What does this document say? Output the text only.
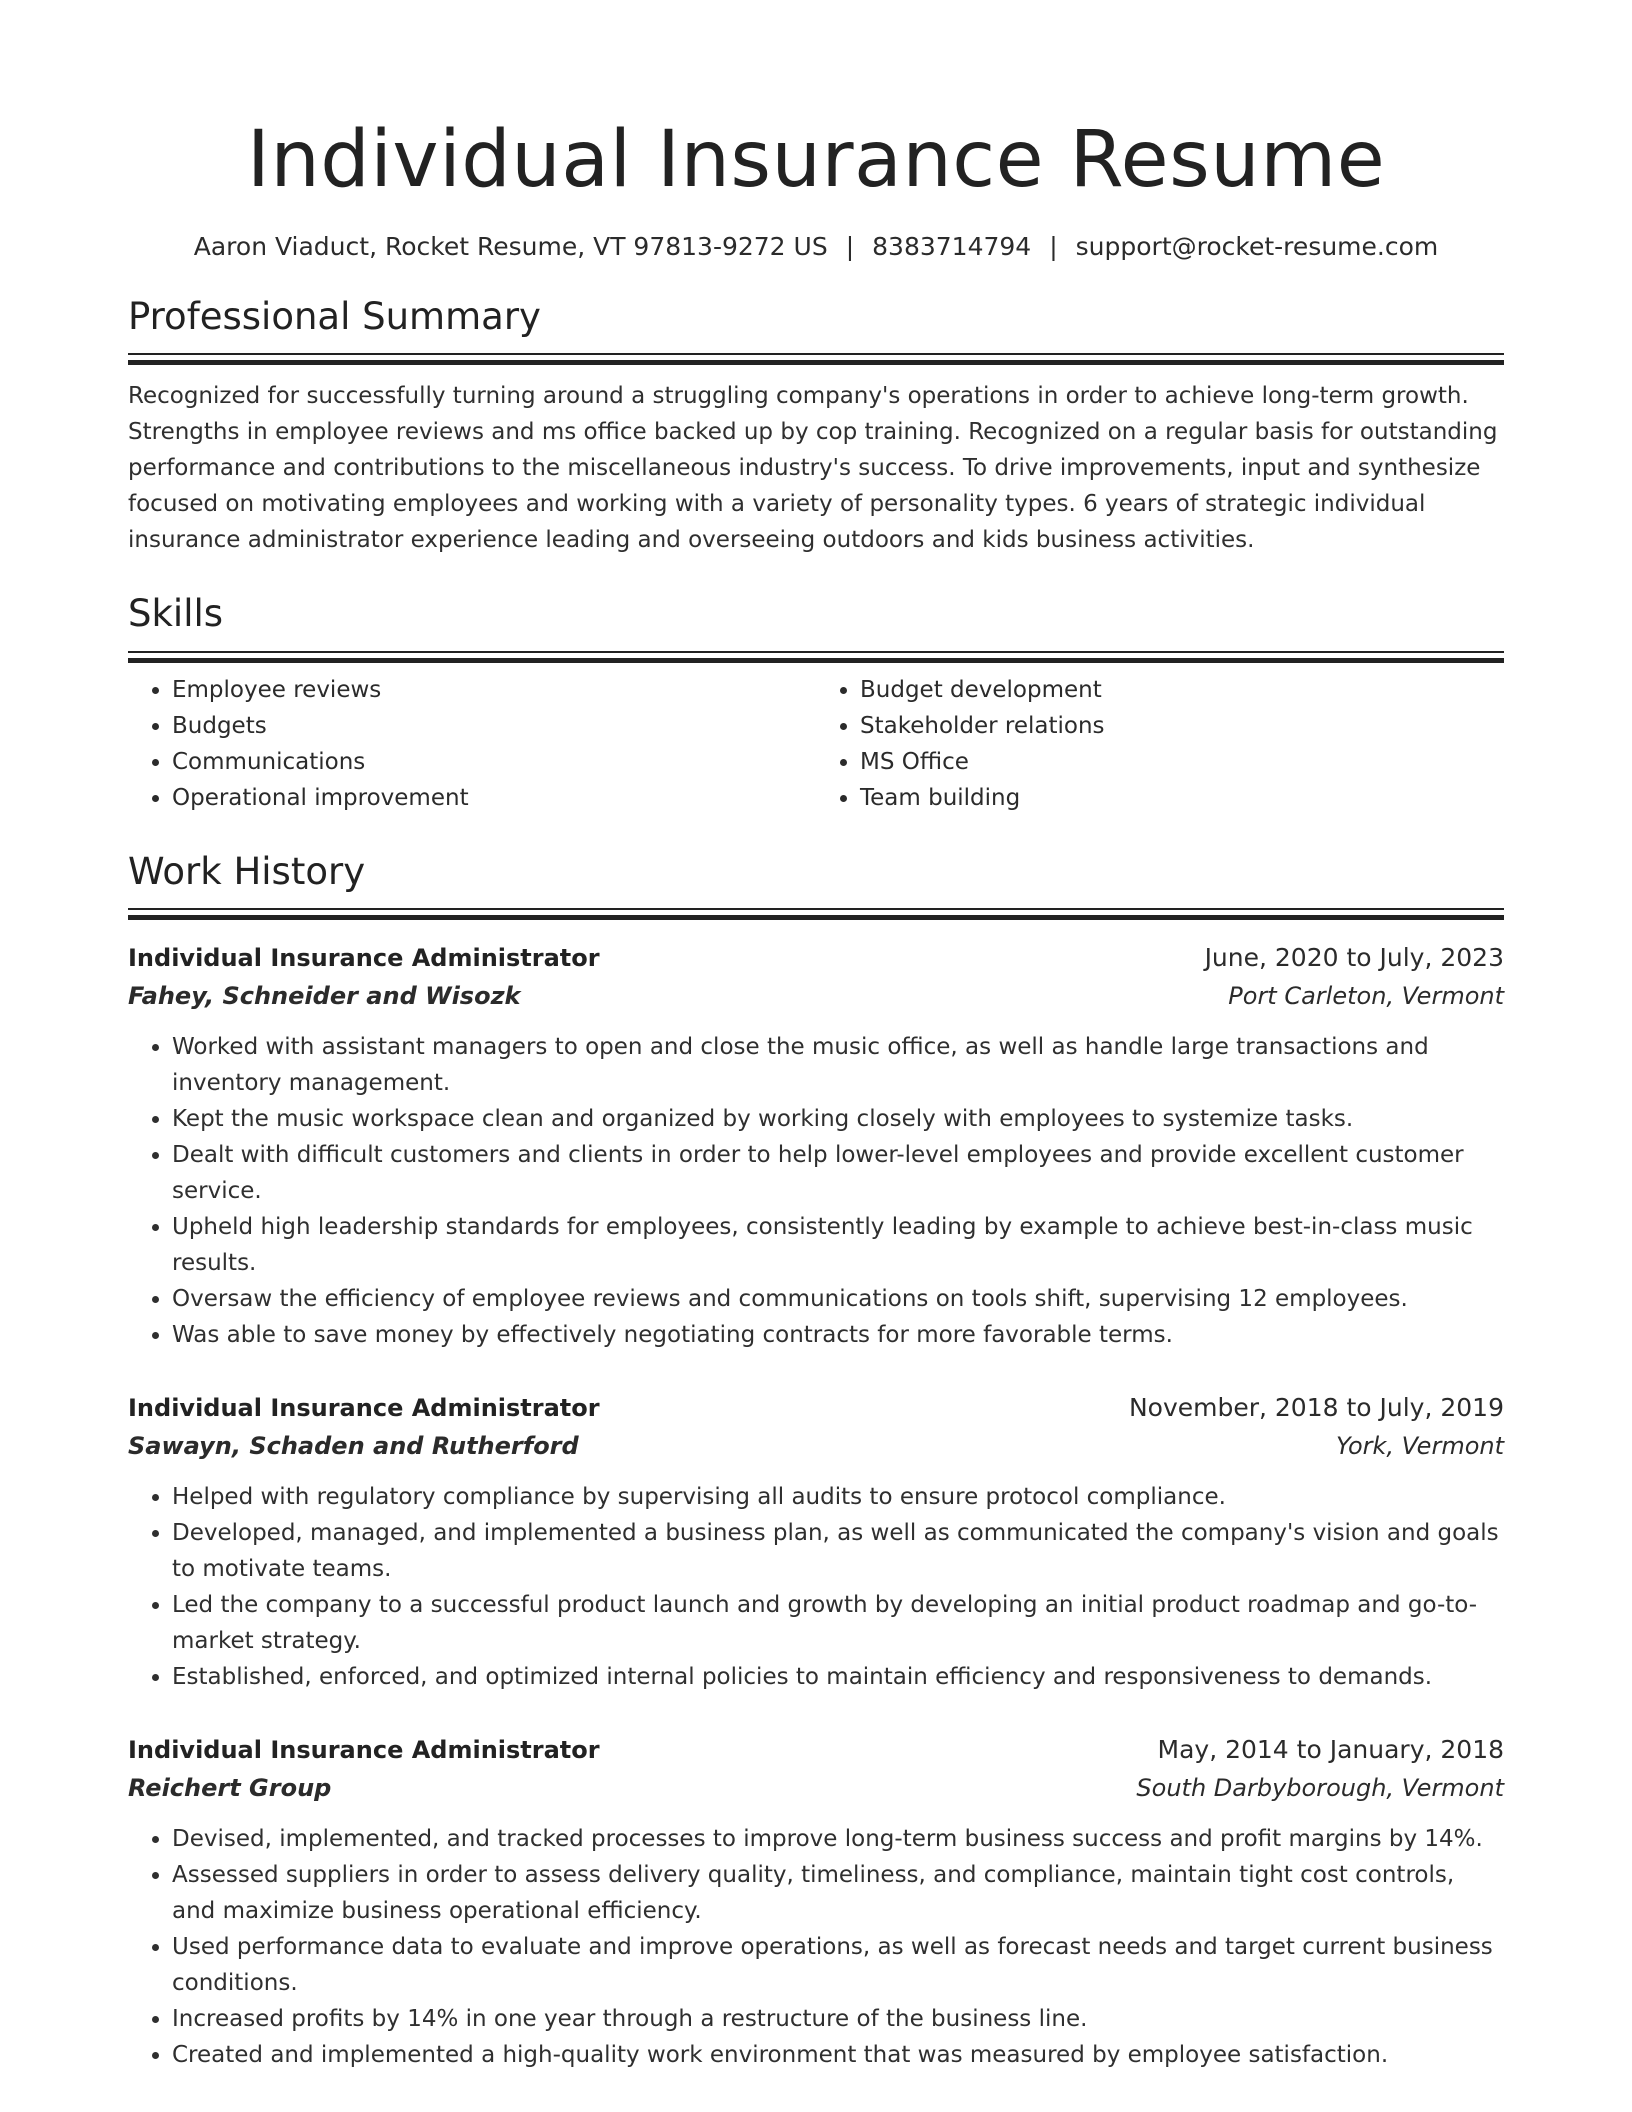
Individual Insurance Resume
Aaron Viaduct, Rocket Resume, VT 97813-9272 US | 8383714794 | support@rocket-resume.com
Professional Summary
Recognized for successfully turning around a struggling company's operations in order to achieve long-term growth. Strengths in employee reviews and ms office backed up by cop training. Recognized on a regular basis for outstanding performance and contributions to the miscellaneous industry's success. To drive improvements, input and synthesize focused on motivating employees and working with a variety of personality types. 6 years of strategic individual insurance administrator experience leading and overseeing outdoors and kids business activities.
Skills
• Employee reviews
• Budgets
• Communications
• Operational improvement
• Budget development
• Stakeholder relations
• MS Office
• Team building
Work History
Individual Insurance Administrator	June, 2020 to July, 2023
Fahey, Schneider and Wisozk	Port Carleton, Vermont
• Worked with assistant managers to open and close the music office, as well as handle large transactions and inventory management.
• Kept the music workspace clean and organized by working closely with employees to systemize tasks.
• Dealt with difficult customers and clients in order to help lower-level employees and provide excellent customer service.
• Upheld high leadership standards for employees, consistently leading by example to achieve best-in-class music results.
• Oversaw the efficiency of employee reviews and communications on tools shift, supervising 12 employees.
• Was able to save money by effectively negotiating contracts for more favorable terms.
Individual Insurance Administrator	November, 2018 to July, 2019
Sawayn, Schaden and Rutherford	York, Vermont
• Helped with regulatory compliance by supervising all audits to ensure protocol compliance.
• Developed, managed, and implemented a business plan, as well as communicated the company's vision and goals to motivate teams.
• Led the company to a successful product launch and growth by developing an initial product roadmap and go-to-market strategy.
• Established, enforced, and optimized internal policies to maintain efficiency and responsiveness to demands.
Individual Insurance Administrator	May, 2014 to January, 2018
Reichert Group	South Darbyborough, Vermont
• Devised, implemented, and tracked processes to improve long-term business success and profit margins by 14%.
• Assessed suppliers in order to assess delivery quality, timeliness, and compliance, maintain tight cost controls, and maximize business operational efficiency.
• Used performance data to evaluate and improve operations, as well as forecast needs and target current business conditions.
• Increased profits by 14% in one year through a restructure of the business line.
• Created and implemented a high-quality work environment that was measured by employee satisfaction.
